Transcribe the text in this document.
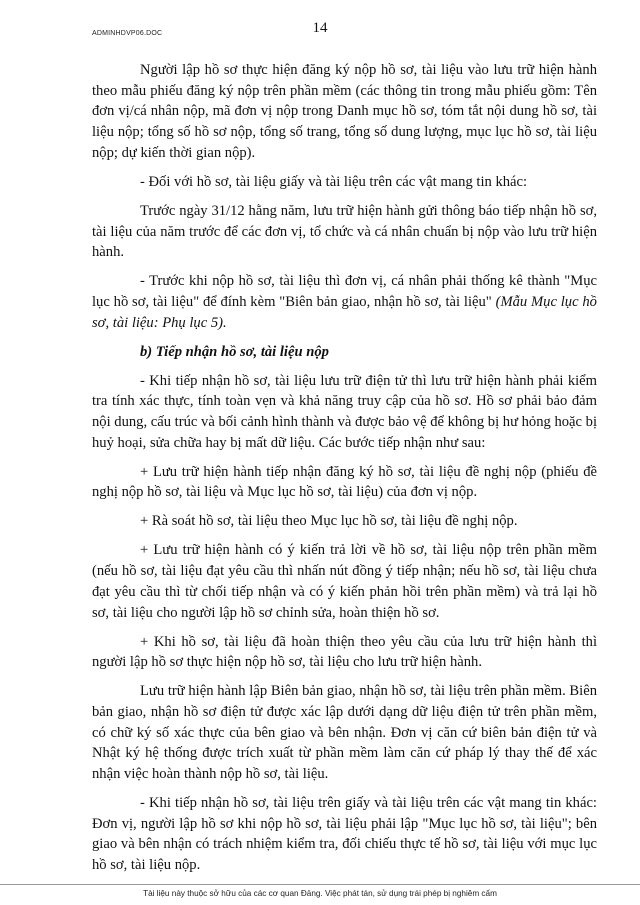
ADMINHDVP06.DOC	14

Người lập hồ sơ thực hiện đăng ký nộp hồ sơ, tài liệu vào lưu trữ hiện hành theo mẫu phiếu đăng ký nộp trên phần mềm (các thông tin trong mẫu phiếu gồm: Tên đơn vị/cá nhân nộp, mã đơn vị nộp trong Danh mục hồ sơ, tóm tắt nội dung hồ sơ, tài liệu nộp; tổng số hồ sơ nộp, tổng số trang, tổng số dung lượng, mục lục hồ sơ, tài liệu nộp; dự kiến thời gian nộp).

- Đối với hồ sơ, tài liệu giấy và tài liệu trên các vật mang tin khác:

Trước ngày 31/12 hằng năm, lưu trữ hiện hành gửi thông báo tiếp nhận hồ sơ, tài liệu của năm trước để các đơn vị, tổ chức và cá nhân chuẩn bị nộp vào lưu trữ hiện hành.

- Trước khi nộp hồ sơ, tài liệu thì đơn vị, cá nhân phải thống kê thành "Mục lục hồ sơ, tài liệu" để đính kèm "Biên bản giao, nhận hồ sơ, tài liệu" (Mẫu Mục lục hồ sơ, tài liệu: Phụ lục 5).

b) Tiếp nhận hồ sơ, tài liệu nộp

- Khi tiếp nhận hồ sơ, tài liệu lưu trữ điện tử thì lưu trữ hiện hành phải kiểm tra tính xác thực, tính toàn vẹn và khả năng truy cập của hồ sơ. Hồ sơ phải bảo đảm nội dung, cấu trúc và bối cảnh hình thành và được bảo vệ để không bị hư hỏng hoặc bị huỷ hoại, sửa chữa hay bị mất dữ liệu. Các bước tiếp nhận như sau:

+ Lưu trữ hiện hành tiếp nhận đăng ký hồ sơ, tài liệu đề nghị nộp (phiếu đề nghị nộp hồ sơ, tài liệu và Mục lục hồ sơ, tài liệu) của đơn vị nộp.

+ Rà soát hồ sơ, tài liệu theo Mục lục hồ sơ, tài liệu đề nghị nộp.

+ Lưu trữ hiện hành có ý kiến trả lời về hồ sơ, tài liệu nộp trên phần mềm (nếu hồ sơ, tài liệu đạt yêu cầu thì nhấn nút đồng ý tiếp nhận; nếu hồ sơ, tài liệu chưa đạt yêu cầu thì từ chối tiếp nhận và có ý kiến phản hồi trên phần mềm) và trả lại hồ sơ, tài liệu cho người lập hồ sơ chỉnh sửa, hoàn thiện hồ sơ.

+ Khi hồ sơ, tài liệu đã hoàn thiện theo yêu cầu của lưu trữ hiện hành thì người lập hồ sơ thực hiện nộp hồ sơ, tài liệu cho lưu trữ hiện hành.

Lưu trữ hiện hành lập Biên bản giao, nhận hồ sơ, tài liệu trên phần mềm. Biên bản giao, nhận hồ sơ điện tử được xác lập dưới dạng dữ liệu điện tử trên phần mềm, có chữ ký số xác thực của bên giao và bên nhận. Đơn vị căn cứ biên bản điện tử và Nhật ký hệ thống được trích xuất từ phần mềm làm căn cứ pháp lý thay thế để xác nhận việc hoàn thành nộp hồ sơ, tài liệu.

- Khi tiếp nhận hồ sơ, tài liệu trên giấy và tài liệu trên các vật mang tin khác: Đơn vị, người lập hồ sơ khi nộp hồ sơ, tài liệu phải lập "Mục lục hồ sơ, tài liệu"; bên giao và bên nhận có trách nhiệm kiểm tra, đối chiếu thực tế hồ sơ, tài liệu với mục lục hồ sơ, tài liệu nộp.

Tài liệu này thuộc sở hữu của các cơ quan Đảng. Việc phát tán, sử dụng trái phép bị nghiêm cấm
